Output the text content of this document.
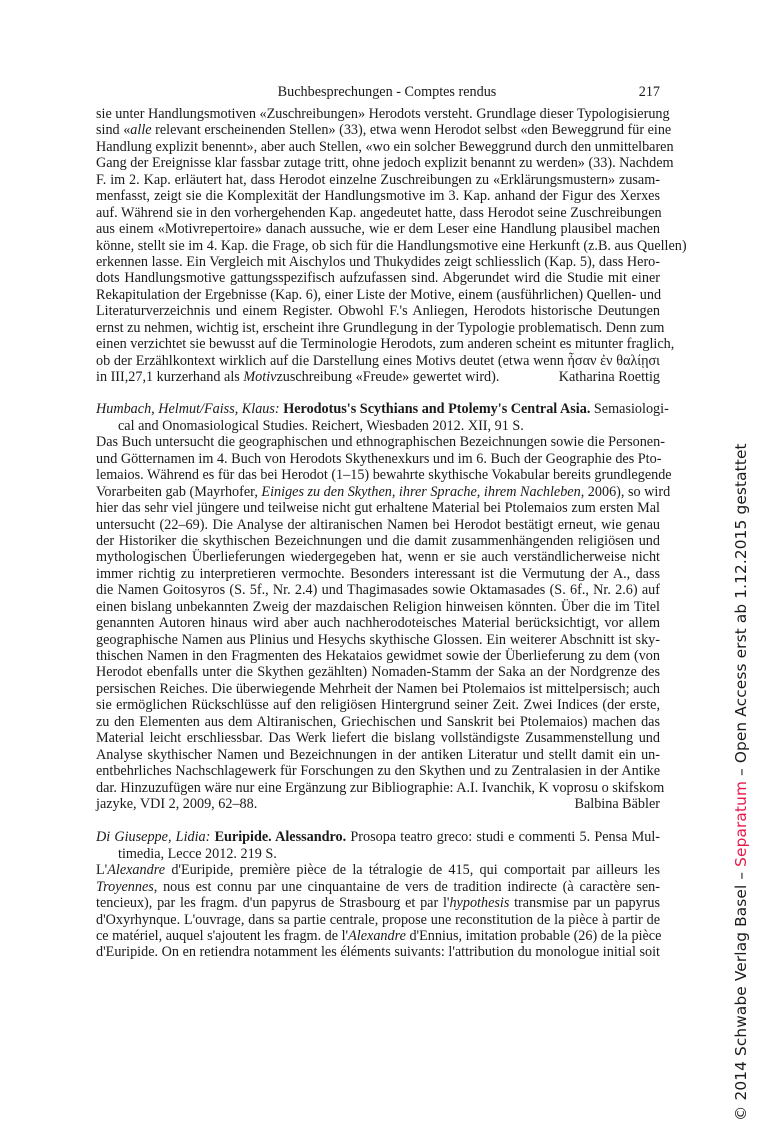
Buchbesprechungen - Comptes rendus	217
sie unter Handlungsmotiven «Zuschreibungen» Herodots versteht. Grundlage dieser Typologisierung
sind «alle relevant erscheinenden Stellen» (33), etwa wenn Herodot selbst «den Beweggrund für eine
Handlung explizit benennt», aber auch Stellen, «wo ein solcher Beweggrund durch den unmittelbaren
Gang der Ereignisse klar fassbar zutage tritt, ohne jedoch explizit benannt zu werden» (33). Nachdem
F. im 2. Kap. erläutert hat, dass Herodot einzelne Zuschreibungen zu «Erklärungsmustern» zusam-
menfasst, zeigt sie die Komplexität der Handlungsmotive im 3. Kap. anhand der Figur des Xerxes
auf. Während sie in den vorhergehenden Kap. angedeutet hatte, dass Herodot seine Zuschreibungen
aus einem «Motivrepertoire» danach aussuche, wie er dem Leser eine Handlung plausibel machen
könne, stellt sie im 4. Kap. die Frage, ob sich für die Handlungsmotive eine Herkunft (z.B. aus Quellen)
erkennen lasse. Ein Vergleich mit Aischylos und Thukydides zeigt schliesslich (Kap. 5), dass Hero-
dots Handlungsmotive gattungsspezifisch aufzufassen sind. Abgerundet wird die Studie mit einer
Rekapitulation der Ergebnisse (Kap. 6), einer Liste der Motive, einem (ausführlichen) Quellen- und
Literaturverzeichnis und einem Register. Obwohl F.'s Anliegen, Herodots historische Deutungen
ernst zu nehmen, wichtig ist, erscheint ihre Grundlegung in der Typologie problematisch. Denn zum
einen verzichtet sie bewusst auf die Terminologie Herodots, zum anderen scheint es mitunter fraglich,
ob der Erzählkontext wirklich auf die Darstellung eines Motivs deutet (etwa wenn ἦσαν ἐν θαλίῃσι
in III,27,1 kurzerhand als Motivzuschreibung «Freude» gewertet wird).	Katharina Roettig
Humbach, Helmut/Faiss, Klaus: Herodotus's Scythians and Ptolemy's Central Asia. Semasiologi-
cal and Onomasiological Studies. Reichert, Wiesbaden 2012. XII, 91 S.
Das Buch untersucht die geographischen und ethnographischen Bezeichnungen sowie die Personen-
und Götternamen im 4. Buch von Herodots Skythenexkurs und im 6. Buch der Geographie des Pto-
lemaios. Während es für das bei Herodot (1–15) bewahrte skythische Vokabular bereits grundlegende
Vorarbeiten gab (Mayrhofer, Einiges zu den Skythen, ihrer Sprache, ihrem Nachleben, 2006), so wird
hier das sehr viel jüngere und teilweise nicht gut erhaltene Material bei Ptolemaios zum ersten Mal
untersucht (22–69). Die Analyse der altiranischen Namen bei Herodot bestätigt erneut, wie genau
der Historiker die skythischen Bezeichnungen und die damit zusammenhängenden religiösen und
mythologischen Überlieferungen wiedergegeben hat, wenn er sie auch verständlicherweise nicht
immer richtig zu interpretieren vermochte. Besonders interessant ist die Vermutung der A., dass
die Namen Goitosyros (S. 5f., Nr. 2.4) und Thagimasades sowie Oktamasades (S. 6f., Nr. 2.6) auf
einen bislang unbekannten Zweig der mazdaischen Religion hinweisen könnten. Über die im Titel
genannten Autoren hinaus wird aber auch nachherodoteisches Material berücksichtigt, vor allem
geographische Namen aus Plinius und Hesychs skythische Glossen. Ein weiterer Abschnitt ist sky-
thischen Namen in den Fragmenten des Hekataios gewidmet sowie der Überlieferung zu dem (von
Herodot ebenfalls unter die Skythen gezählten) Nomaden-Stamm der Saka an der Nordgrenze des
persischen Reiches. Die überwiegende Mehrheit der Namen bei Ptolemaios ist mittelpersisch; auch
sie ermöglichen Rückschlüsse auf den religiösen Hintergrund seiner Zeit. Zwei Indices (der erste,
zu den Elementen aus dem Altiranischen, Griechischen und Sanskrit bei Ptolemaios) machen das
Material leicht erschliessbar. Das Werk liefert die bislang vollständigste Zusammenstellung und
Analyse skythischer Namen und Bezeichnungen in der antiken Literatur und stellt damit ein un-
entbehrliches Nachschlagewerk für Forschungen zu den Skythen und zu Zentralasien in der Antike
dar. Hinzuzufügen wäre nur eine Ergänzung zur Bibliographie: A.I. Ivanchik, K voprosu o skifskom
jazyke, VDI 2, 2009, 62–88.	Balbina Bäbler
Di Giuseppe, Lidia: Euripide. Alessandro. Prosopa teatro greco: studi e commenti 5. Pensa Mul-
timedia, Lecce 2012. 219 S.
L'Alexandre d'Euripide, première pièce de la tétralogie de 415, qui comportait par ailleurs les
Troyennes, nous est connu par une cinquantaine de vers de tradition indirecte (à caractère sen-
tencieux), par les fragm. d'un papyrus de Strasbourg et par l'hypothesis transmise par un papyrus
d'Oxyrhynque. L'ouvrage, dans sa partie centrale, propose une reconstitution de la pièce à partir de
ce matériel, auquel s'ajoutent les fragm. de l'Alexandre d'Ennius, imitation probable (26) de la pièce
d'Euripide. On en retiendra notamment les éléments suivants: l'attribution du monologue initial soit	© 2014 Schwabe Verlag Basel – Separatum – Open Access erst ab 1.12.2015 gestattet
